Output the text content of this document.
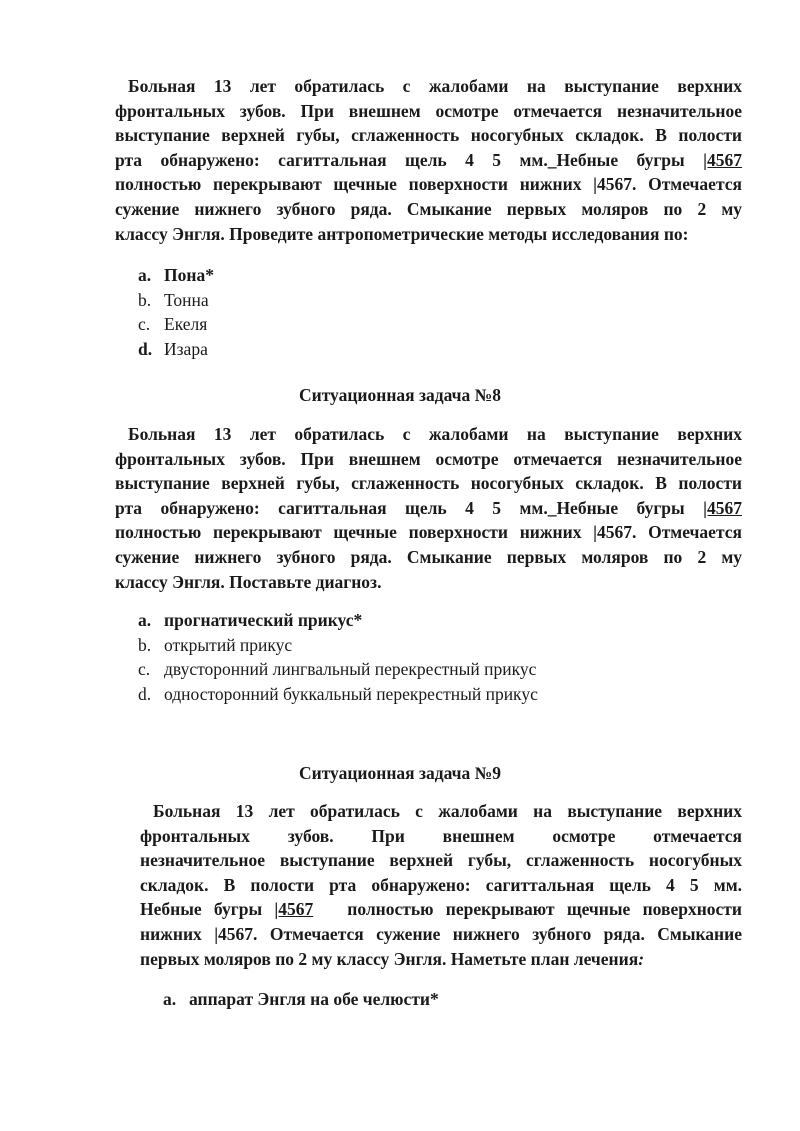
Больная 13 лет обратилась с жалобами на выступание верхних
фронтальных зубов. При внешнем осмотре отмечается незначительное
выступание верхней губы, сглаженность носогубных складок. В полости
рта обнаружено: сагиттальная щель 4 5 мм._Небные бугры |4567
полностью перекрывают щечные поверхности нижних |4567. Отмечается
сужение нижнего зубного ряда. Смыкание первых моляров по 2 му
классу Энгля. Проведите антропометрические методы исследования по:
a. Пона*
b. Тонна
c. Екеля
d. Изара
Ситуационная задача №8
Больная 13 лет обратилась с жалобами на выступание верхних
фронтальных зубов. При внешнем осмотре отмечается незначительное
выступание верхней губы, сглаженность носогубных складок. В полости
рта обнаружено: сагиттальная щель 4 5 мм._Небные бугры |4567
полностью перекрывают щечные поверхности нижних |4567. Отмечается
сужение нижнего зубного ряда. Смыкание первых моляров по 2 му
классу Энгля. Поставьте диагноз.
a. прогнатический прикус*
b. открытий прикус
c. двусторонний лингвальный перекрестный прикус
d. односторонний буккальный перекрестный прикус
Ситуационная задача №9
Больная 13 лет обратилась с жалобами на выступание верхних
фронтальных зубов. При внешнем осмотре отмечается
незначительное выступание верхней губы, сглаженность носогубных
складок. В полости рта обнаружено: сагиттальная щель 4 5 мм.
Небные бугры |4567 полностью перекрывают щечные поверхности
нижних |4567. Отмечается сужение нижнего зубного ряда. Смыкание
первых моляров по 2 му классу Энгля. Наметьте план лечения:
a. аппарат Энгля на обе челюсти*
